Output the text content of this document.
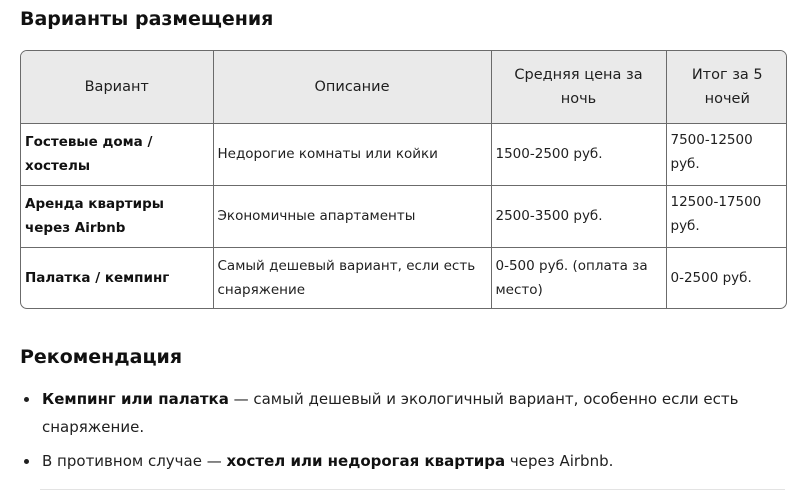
Варианты размещения
Вариант	Описание	Средняя цена за ночь	Итог за 5 ночей
Гостевые дома / хостелы	Недорогие комнаты или койки	1500-2500 руб.	7500-12500 руб.
Аренда квартиры через Airbnb	Экономичные апартаменты	2500-3500 руб.	12500-17500 руб.
Палатка / кемпинг	Самый дешевый вариант, если есть снаряжение	0-500 руб. (оплата за место)	0-2500 руб.
Рекомендация
Кемпинг или палатка — самый дешевый и экологичный вариант, особенно если есть снаряжение.
В противном случае — хостел или недорогая квартира через Airbnb.
